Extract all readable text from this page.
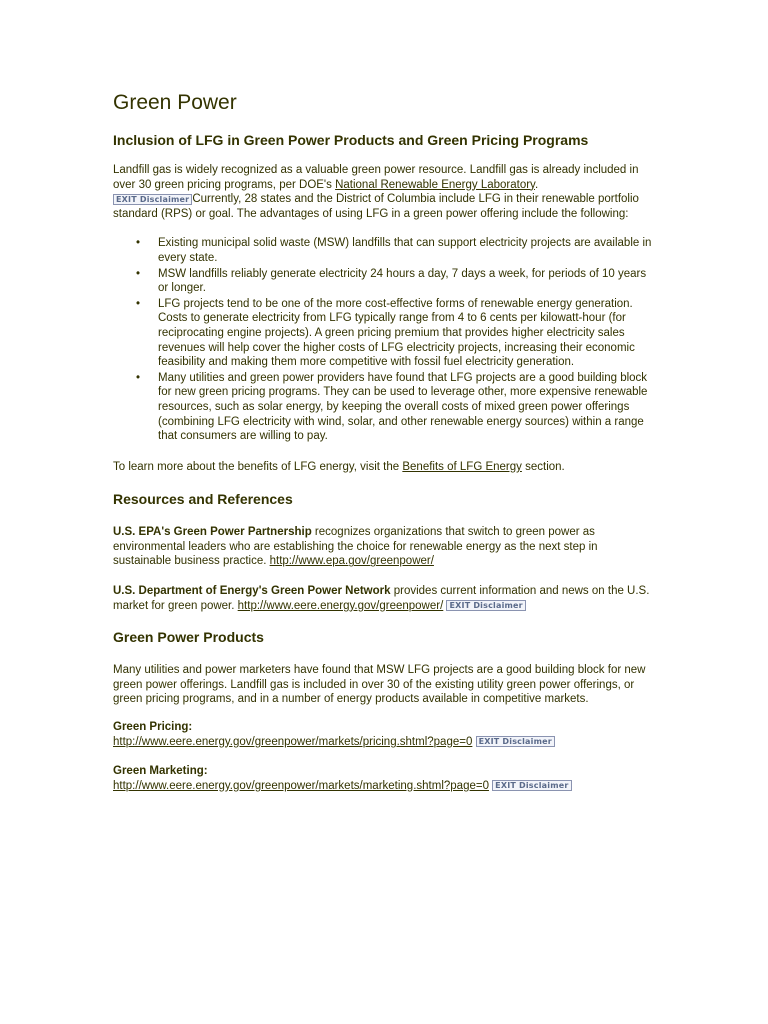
Green Power
Inclusion of LFG in Green Power Products and Green Pricing Programs

Landfill gas is widely recognized as a valuable green power resource. Landfill gas is already included in over 30 green pricing programs, per DOE's National Renewable Energy Laboratory.
EXIT Disclaimer Currently, 28 states and the District of Columbia include LFG in their renewable portfolio standard (RPS) or goal. The advantages of using LFG in a green power offering include the following:

• Existing municipal solid waste (MSW) landfills that can support electricity projects are available in every state.
• MSW landfills reliably generate electricity 24 hours a day, 7 days a week, for periods of 10 years or longer.
• LFG projects tend to be one of the more cost-effective forms of renewable energy generation. Costs to generate electricity from LFG typically range from 4 to 6 cents per kilowatt-hour (for reciprocating engine projects). A green pricing premium that provides higher electricity sales revenues will help cover the higher costs of LFG electricity projects, increasing their economic feasibility and making them more competitive with fossil fuel electricity generation.
• Many utilities and green power providers have found that LFG projects are a good building block for new green pricing programs. They can be used to leverage other, more expensive renewable resources, such as solar energy, by keeping the overall costs of mixed green power offerings (combining LFG electricity with wind, solar, and other renewable energy sources) within a range that consumers are willing to pay.

To learn more about the benefits of LFG energy, visit the Benefits of LFG Energy section.

Resources and References

U.S. EPA's Green Power Partnership recognizes organizations that switch to green power as environmental leaders who are establishing the choice for renewable energy as the next step in sustainable business practice. http://www.epa.gov/greenpower/

U.S. Department of Energy's Green Power Network provides current information and news on the U.S. market for green power. http://www.eere.energy.gov/greenpower/ EXIT Disclaimer

Green Power Products

Many utilities and power marketers have found that MSW LFG projects are a good building block for new green power offerings. Landfill gas is included in over 30 of the existing utility green power offerings, or green pricing programs, and in a number of energy products available in competitive markets.

Green Pricing:
http://www.eere.energy.gov/greenpower/markets/pricing.shtml?page=0 EXIT Disclaimer

Green Marketing:
http://www.eere.energy.gov/greenpower/markets/marketing.shtml?page=0 EXIT Disclaimer
